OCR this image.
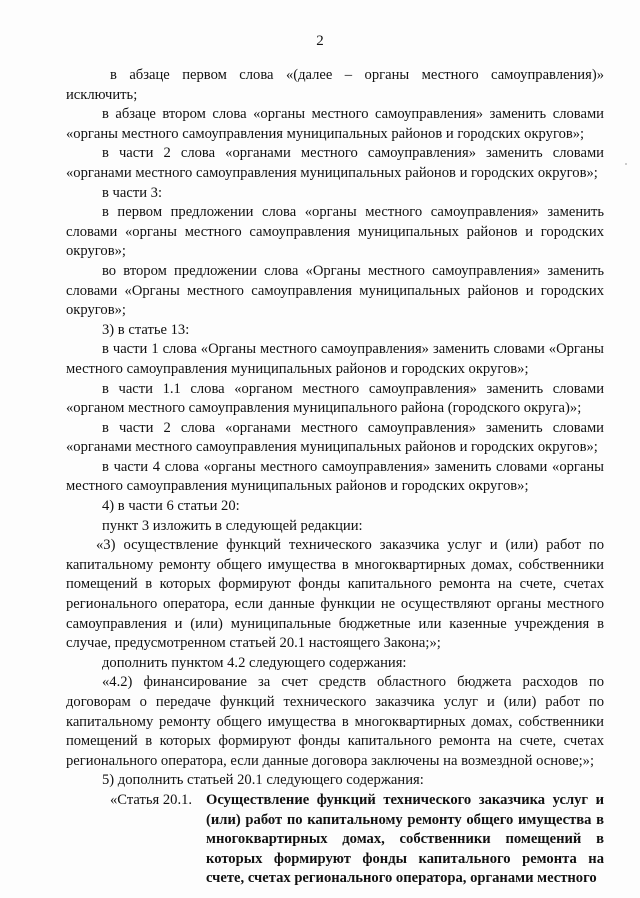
2

в абзаце первом слова «(далее – органы местного самоуправления)» исключить;

в абзаце втором слова «органы местного самоуправления» заменить словами «органы местного самоуправления муниципальных районов и городских округов»;

в части 2 слова «органами местного самоуправления» заменить словами «органами местного самоуправления муниципальных районов и городских округов»;

в части 3:

в первом предложении слова «органы местного самоуправления» заменить словами «органы местного самоуправления муниципальных районов и городских округов»;

во втором предложении слова «Органы местного самоуправления» заменить словами «Органы местного самоуправления муниципальных районов и городских округов»;

3) в статье 13:

в части 1 слова «Органы местного самоуправления» заменить словами «Органы местного самоуправления муниципальных районов и городских округов»;

в части 1.1 слова «органом местного самоуправления» заменить словами «органом местного самоуправления муниципального района (городского округа)»;

в части 2 слова «органами местного самоуправления» заменить словами «органами местного самоуправления муниципальных районов и городских округов»;

в части 4 слова «органы местного самоуправления» заменить словами «органы местного самоуправления муниципальных районов и городских округов»;

4) в части 6 статьи 20:

пункт 3 изложить в следующей редакции:

«3) осуществление функций технического заказчика услуг и (или) работ по капитальному ремонту общего имущества в многоквартирных домах, собственники помещений в которых формируют фонды капитального ремонта на счете, счетах регионального оператора, если данные функции не осуществляют органы местного самоуправления и (или) муниципальные бюджетные или казенные учреждения в случае, предусмотренном статьей 20.1 настоящего Закона;»;

дополнить пунктом 4.2 следующего содержания:

«4.2) финансирование за счет средств областного бюджета расходов по договорам о передаче функций технического заказчика услуг и (или) работ по капитальному ремонту общего имущества в многоквартирных домах, собственники помещений в которых формируют фонды капитального ремонта на счете, счетах регионального оператора, если данные договора заключены на возмездной основе;»;

5) дополнить статьей 20.1 следующего содержания:

«Статья 20.1. Осуществление функций технического заказчика услуг и (или) работ по капитальному ремонту общего имущества в многоквартирных домах, собственники помещений в которых формируют фонды капитального ремонта на счете, счетах регионального оператора, органами местного
